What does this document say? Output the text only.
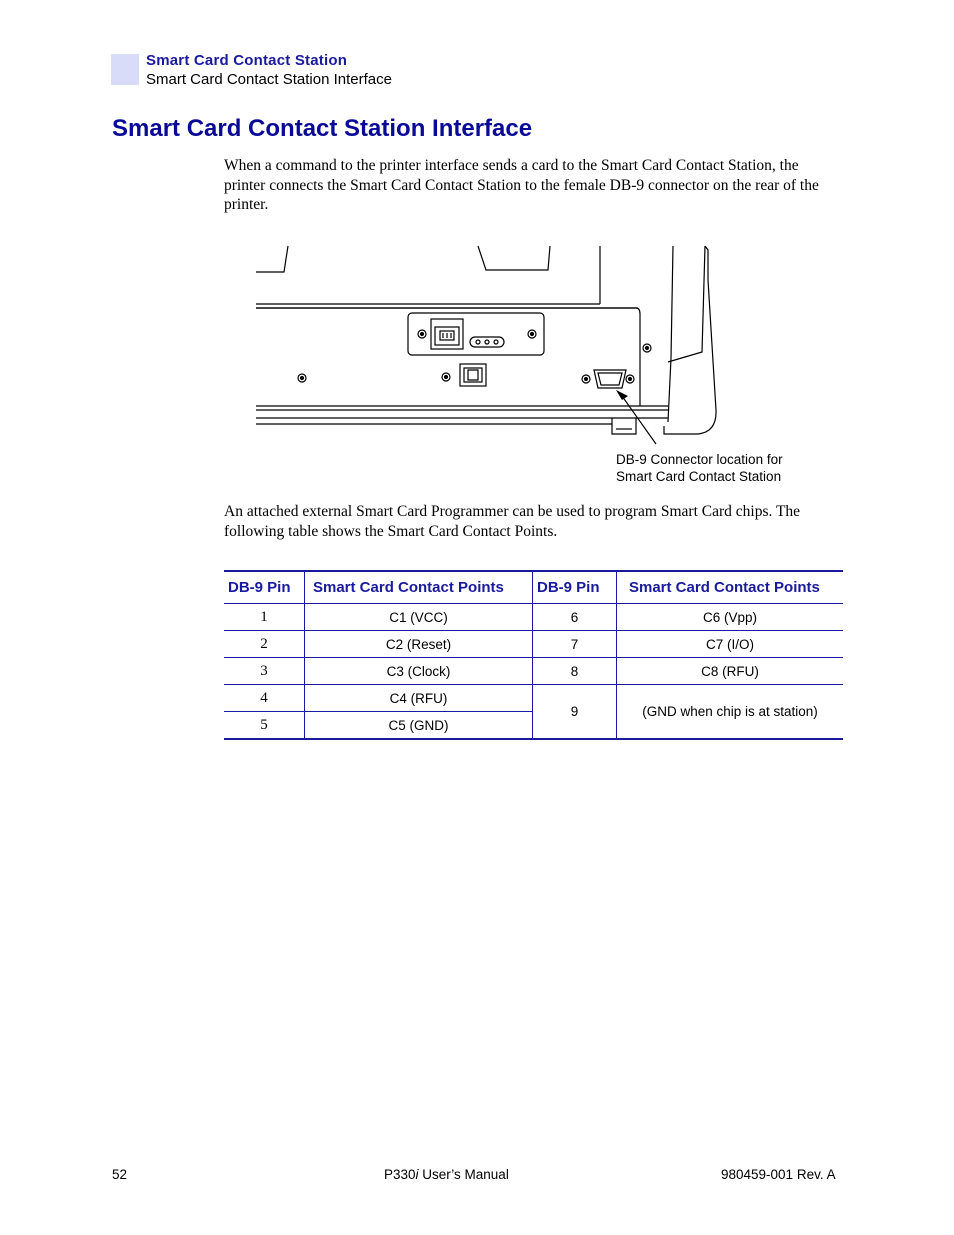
Smart Card Contact Station
Smart Card Contact Station Interface
Smart Card Contact Station Interface

When a command to the printer interface sends a card to the Smart Card Contact Station, the printer connects the Smart Card Contact Station to the female DB-9 connector on the rear of the printer.

DB-9 Connector location for
Smart Card Contact Station

An attached external Smart Card Programmer can be used to program Smart Card chips. The following table shows the Smart Card Contact Points.

DB-9 Pin	Smart Card Contact Points	DB-9 Pin	Smart Card Contact Points
1	C1 (VCC)	6	C6 (Vpp)
2	C2 (Reset)	7	C7 (I/O)
3	C3 (Clock)	8	C8 (RFU)
4	C4 (RFU)	9	(GND when chip is at station)
5	C5 (GND)		
52	P330i User’s Manual	980459-001 Rev. A
